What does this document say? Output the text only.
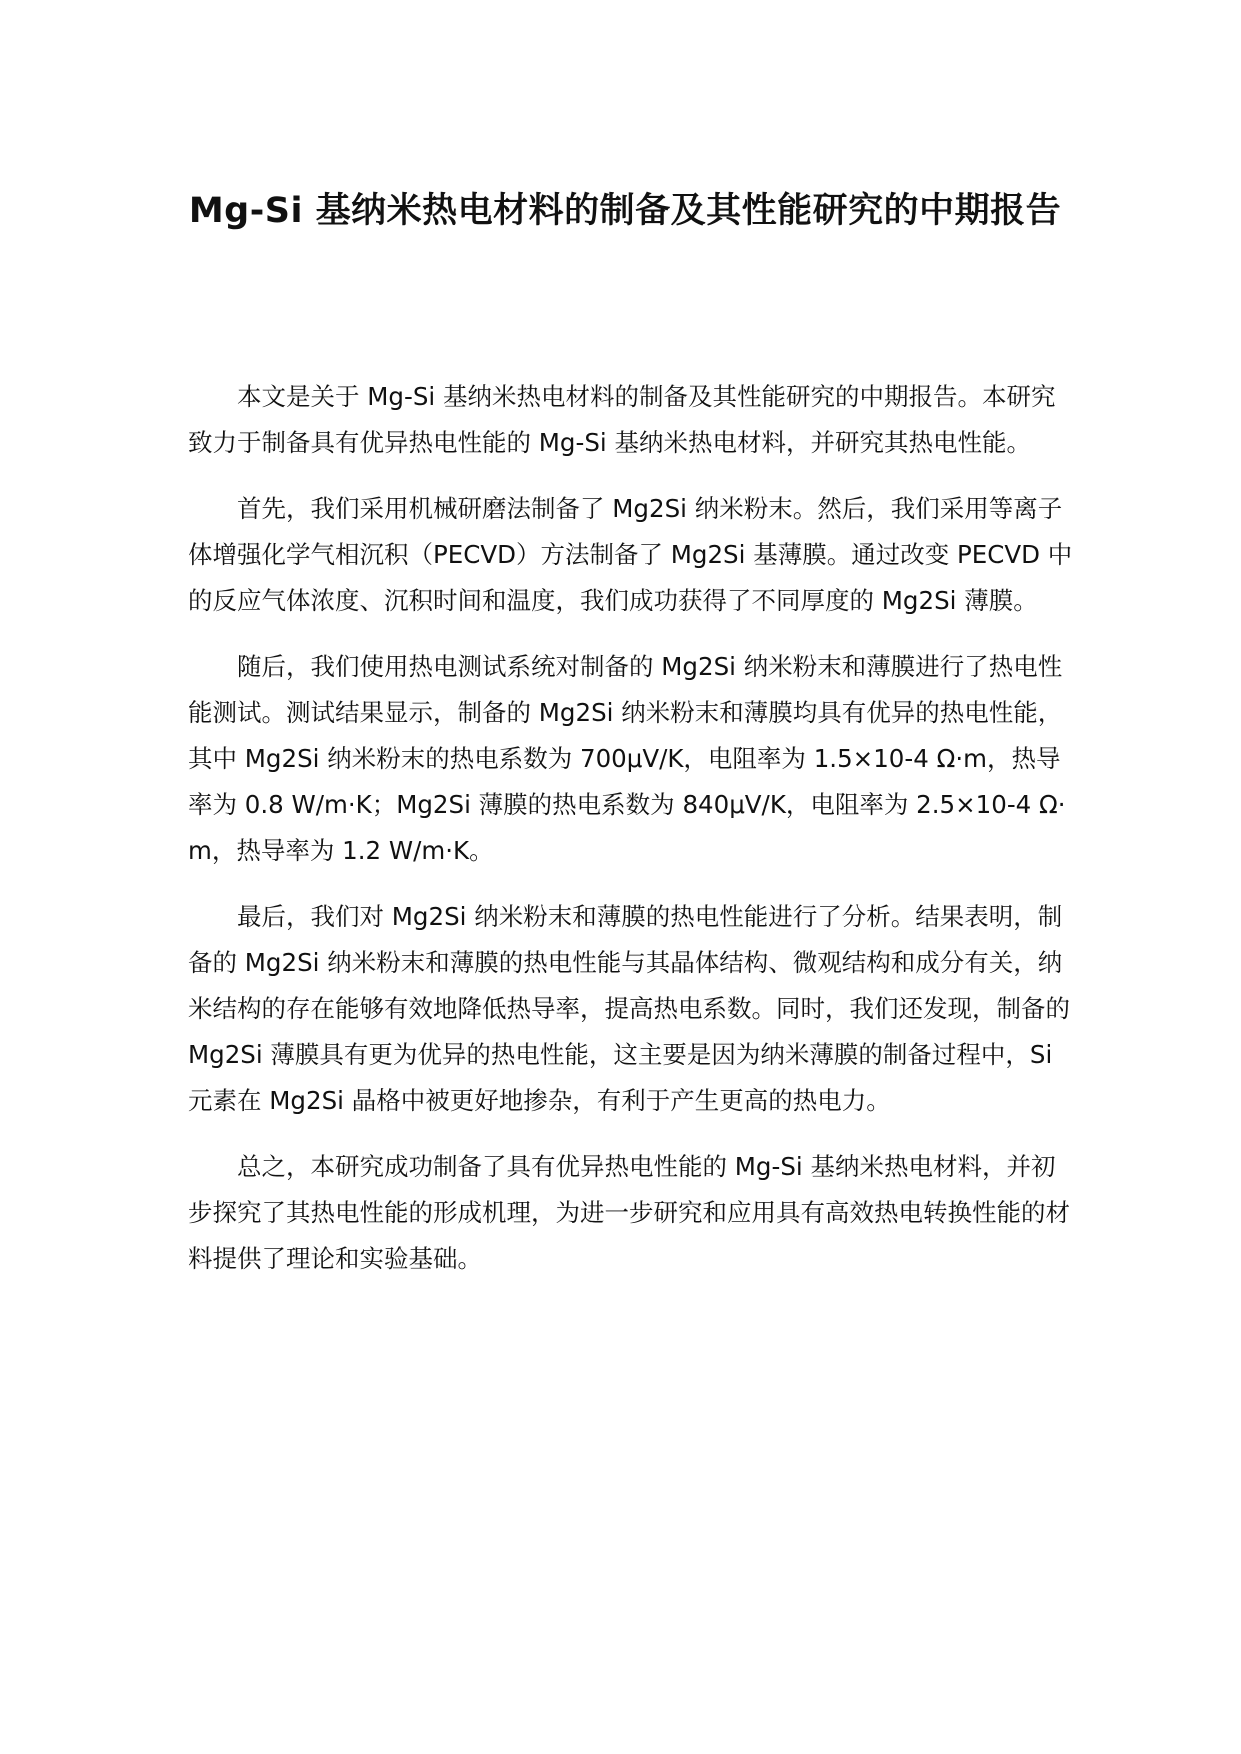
Mg-Si 基纳米热电材料的制备及其性能研究的中期报告

本文是关于 Mg-Si 基纳米热电材料的制备及其性能研究的中期报告。本研究致力于制备具有优异热电性能的 Mg-Si 基纳米热电材料，并研究其热电性能。

首先，我们采用机械研磨法制备了 Mg2Si 纳米粉末。然后，我们采用等离子体增强化学气相沉积（PECVD）方法制备了 Mg2Si 基薄膜。通过改变 PECVD 中的反应气体浓度、沉积时间和温度，我们成功获得了不同厚度的 Mg2Si 薄膜。

随后，我们使用热电测试系统对制备的 Mg2Si 纳米粉末和薄膜进行了热电性能测试。测试结果显示，制备的 Mg2Si 纳米粉末和薄膜均具有优异的热电性能，其中 Mg2Si 纳米粉末的热电系数为 700μV/K，电阻率为 1.5×10-4 Ω·m，热导率为 0.8 W/m·K；Mg2Si 薄膜的热电系数为 840μV/K，电阻率为 2.5×10-4 Ω·m，热导率为 1.2 W/m·K。

最后，我们对 Mg2Si 纳米粉末和薄膜的热电性能进行了分析。结果表明，制备的 Mg2Si 纳米粉末和薄膜的热电性能与其晶体结构、微观结构和成分有关，纳米结构的存在能够有效地降低热导率，提高热电系数。同时，我们还发现，制备的 Mg2Si 薄膜具有更为优异的热电性能，这主要是因为纳米薄膜的制备过程中，Si 元素在 Mg2Si 晶格中被更好地掺杂，有利于产生更高的热电力。

总之，本研究成功制备了具有优异热电性能的 Mg-Si 基纳米热电材料，并初步探究了其热电性能的形成机理，为进一步研究和应用具有高效热电转换性能的材料提供了理论和实验基础。
